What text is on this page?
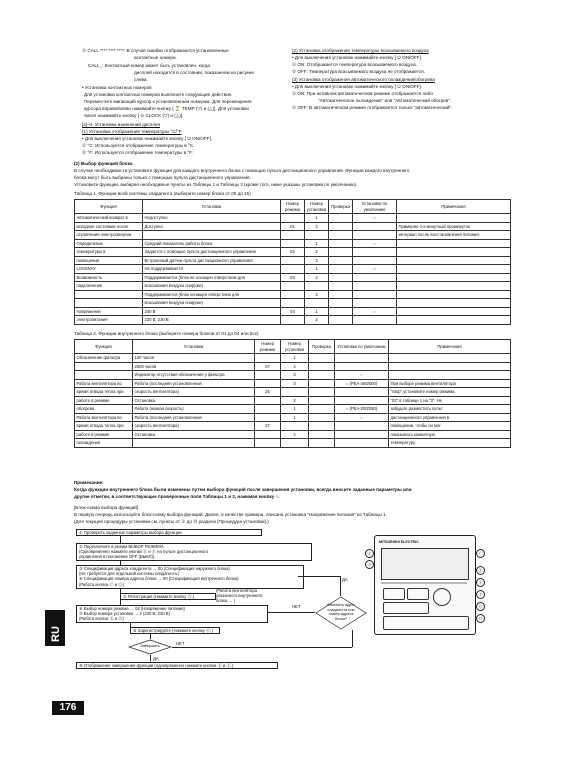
② CALL **** **** ****: В случае ошибки отображаются установленные
контактные номера.
CALL_: Контактный номер может быть установлен, когда
дисплей находится в состоянии, показанном на рисунке
слева.
• Установка контактных номеров
Для установки контактных номеров выполните следующие действия.
Переместите мигающий курсор к установленным номерам. Для перемещения
курсора вправо/влево нажимайте кнопку [ ⌛ TEMP (▽) и (△)]. Для установки
чисел нажимайте кнопку [ ⊙ CLOCK (▽) и (△)].
[4]–4. Установка изменений дисплея
(1) Установка отображения температуры °C/°F
• Для выключения установок нажимайте кнопку [ ⏻ ON/OFF].
① °C: Используется отображение температуры в °C.
② °F: Используется отображение температуры в °F.
(2) Установка отображения температуры всасываемого воздуха
• Для выключения установок нажимайте кнопку [ ⏻ ON/OFF].
① ON: Отображается температура всасываемого воздуха.
② OFF: Температура всасываемого воздуха не отображается.
(3) Установка отображения автоматического охлаждения/обогрева
• Для выключения установок нажимайте кнопку [ ⏻ ON/OFF].
① ON: При активном автоматическом режиме отображается либо
"Автоматическое охлаждение" или "Автоматический обогрев".
② OFF: В автоматическом режиме отображается только "автоматический".
(2) Выбор функций блока
В случае необходимости установите функции для каждого внутреннего блока с помощью пульта дистанционного управления. Функции каждого внутреннего
блока могут быть выбраны только с помощью пульта дистанционного управления.
Установите функции, выбирая необходимые пункты из Таблицы 1 и Таблицы 2 (кроме того, ниже указаны установки по умолчанию).
Таблица 1. Функции всей системы хладагента (выберите номер блока от 00 до 15)
Функция	Установки	Номер режима	Номер установки	Проверка	Установки по умолчанию	Примечания
Автоматический возврат в	Недоступно		1		○	
исходное состояние после	Доступно	01	2			Примерно 4-х минутный промежуток
отключения электроэнергии						интервал после восстановления питания.
Определение	Средний показатель работы блока		1		○	
температуры в	Задается с помощью пульта дистанционного управления	02	2			
помещении	Встроенный датчик пульта дистанционного управления		3			
LOSSNAY	Не поддерживается		1		○	
Возможность	Поддерживается (блок не оснащен отверстием для	03	2			
подключения	всасывания воздуха снаружи)					
	Поддерживается (блок оснащен отверстием для		3			
	всасывания воздуха снаружи)					
Напряжение	240 В	04	1		○	
электропитания	220 В, 230 В		2			
Таблица 2. Функции внутреннего блока (выберите номера блоков от 01 до 04 или все)
Функция	Установки	Номер режима	Номер установки	Проверка	Установки по умолчанию	Примечания
Обозначение фильтра	100 часов		1			
	2500 часов	07	2			
	Индикатор отсутствия обозначения у фильтра		3		○	
Работа вентилятора во	Работа (последняя установленная		3		○ (PEA-400/500)	При выборе режима вентилятора
время отвода тепла при	скорость вентилятора)	25				"Stop",установите номер режима
работе в режиме	Остановка		2			"02" в таблице 1 на "3". Не
обогрева	Работа (низкая скорость)		1		○ (PEA-200/250)	забудьте разместить пульт
Работа вентилятора во	Работа (последняя установленная		1		○	дистанционного управления в
время отвода тепла при	скорость вентилятора)	27				помещении, чтобы он мог
работе в режиме	Остановка		2			показывать комнатную
охлаждения						температуру.
Примечание:
Когда функции внутреннего блока были изменены путем выбора функций после завершения установки, всегда вносите заданные параметры или
другие отметки, в соответствующие проверочные поля Таблицы 1 и 2, нажимая кнопку ○.
[Блок-схема выбора функций]
В первую очередь используйте блок-схему выбора функций. Далее, в качестве примера, описана установка "Напряжение питания" из Таблицы 1.
(Для текущей процедуры установки см. пункты от ① до ⑩ раздела [Процедура установки].)
① Проверить заданные параметры выбора функции.
② Переключите в режим ВЫБОР РЕЖИМА.
(Одновременно нажмите кнопки Ⓔ и Ⓕ на пульте дистанционного
управления в положение OFF (ВЫКЛ)).
③ Спецификация адреса хладагента → 00 (Спецификация наружного блока)
(Не требуется для отдельной системы хладагента.)
④ Спецификация номера адреса блока → 00 (Спецификация внутреннего блока)
(Работа кнопок Ⓒ и Ⓓ)
⑤ Регистрация (Нажмите кнопку Ⓖ.)
(Работа вентилятора
указанного внутреннего
блока → )
ДА
Изменить адрес
хладагента или
номер адреса
блока?
НЕТ
⑥ Выбор номера режима → 04 (Напряжение питания)
⑦ Выбор номера установки → 2 (220 В, 230 В)
(Работа кнопок Ⓐ и Ⓑ)
⑧ Зарегистрируйте (Нажмите кнопку Ⓖ.)
Завершить	НЕТ
ДА
⑨ Отображение завершения функции (одновременно нажмите кнопки Ⓔ и Ⓕ.)
MITSUBISHI ELECTRIC
Ⓔ
Ⓓ
Ⓒ
Ⓐ
Ⓑ
Ⓕ
Ⓖ
Ⓗ
RU
176
